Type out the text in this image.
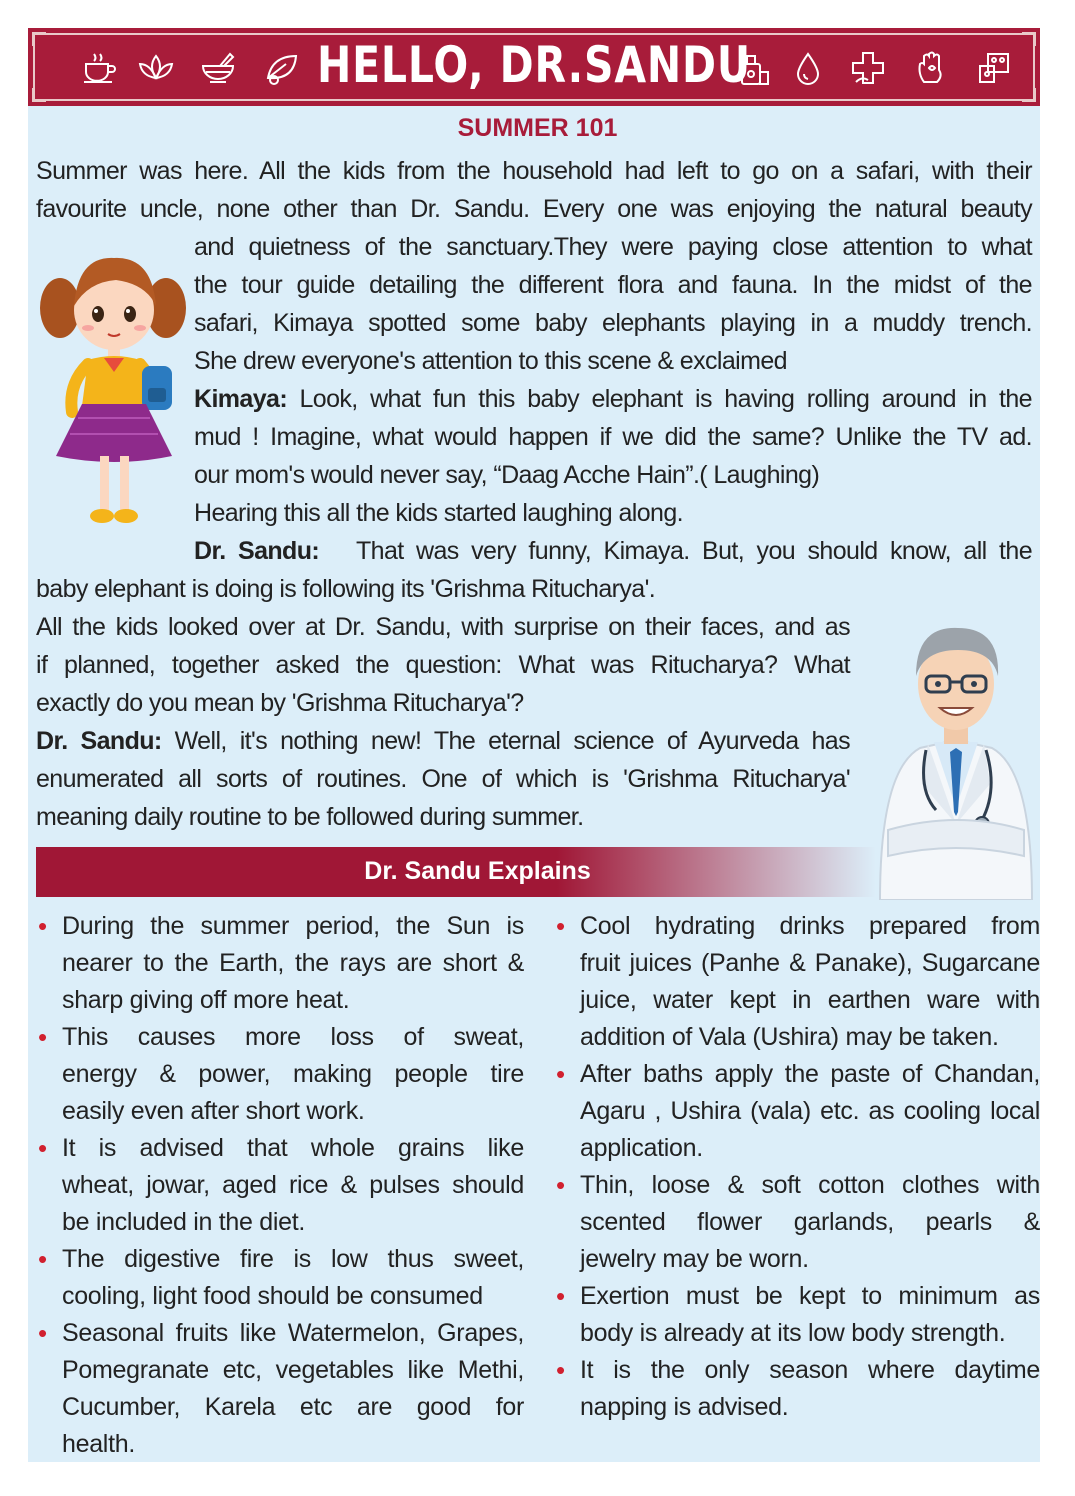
HELLO, DR.SANDU
SUMMER 101
Summer was here. All the kids from the household had left to go on a safari, with their
favourite uncle, none other than Dr. Sandu. Every one was enjoying the natural beauty
and quietness of the sanctuary.They were paying close attention to what
the tour guide detailing the different flora and fauna. In the midst of the
safari, Kimaya spotted some baby elephants playing in a muddy trench.
She drew everyone's attention to this scene & exclaimed
Kimaya: Look, what fun this baby elephant is having rolling around in the
mud ! Imagine, what would happen if we did the same? Unlike the TV ad.
our mom's would never say, “Daag Acche Hain”.( Laughing)
Hearing this all the kids started laughing along.
Dr. Sandu:   That was very funny, Kimaya. But, you should know, all the
baby elephant is doing is following its 'Grishma Ritucharya'.
All the kids looked over at Dr. Sandu, with surprise on their faces, and as
if planned, together asked the question: What was Ritucharya? What
exactly do you mean by 'Grishma Ritucharya'?
Dr. Sandu: Well, it's nothing new! The eternal science of Ayurveda has
enumerated all sorts of routines. One of which is 'Grishma Ritucharya'
meaning daily routine to be followed during summer.
Dr. Sandu Explains
• During the summer period, the Sun is
nearer to the Earth, the rays are short &
sharp giving off more heat.
• This causes more loss of sweat,
energy & power, making people tire
easily even after short work.
• It is advised that whole grains like
wheat, jowar, aged rice & pulses should
be included in the diet.
• The digestive fire is low thus sweet,
cooling, light food should be consumed
• Seasonal fruits like Watermelon, Grapes,
Pomegranate etc, vegetables like Methi,
Cucumber, Karela etc are good for
health.
• Cool hydrating drinks prepared from
fruit juices (Panhe & Panake), Sugarcane
juice, water kept in earthen ware with
addition of Vala (Ushira) may be taken.
• After baths apply the paste of Chandan,
Agaru , Ushira (vala) etc. as cooling local
application.
• Thin, loose & soft cotton clothes with
scented flower garlands, pearls &
jewelry may be worn.
• Exertion must be kept to minimum as
body is already at its low body strength.
• It is the only season where daytime
napping is advised.
